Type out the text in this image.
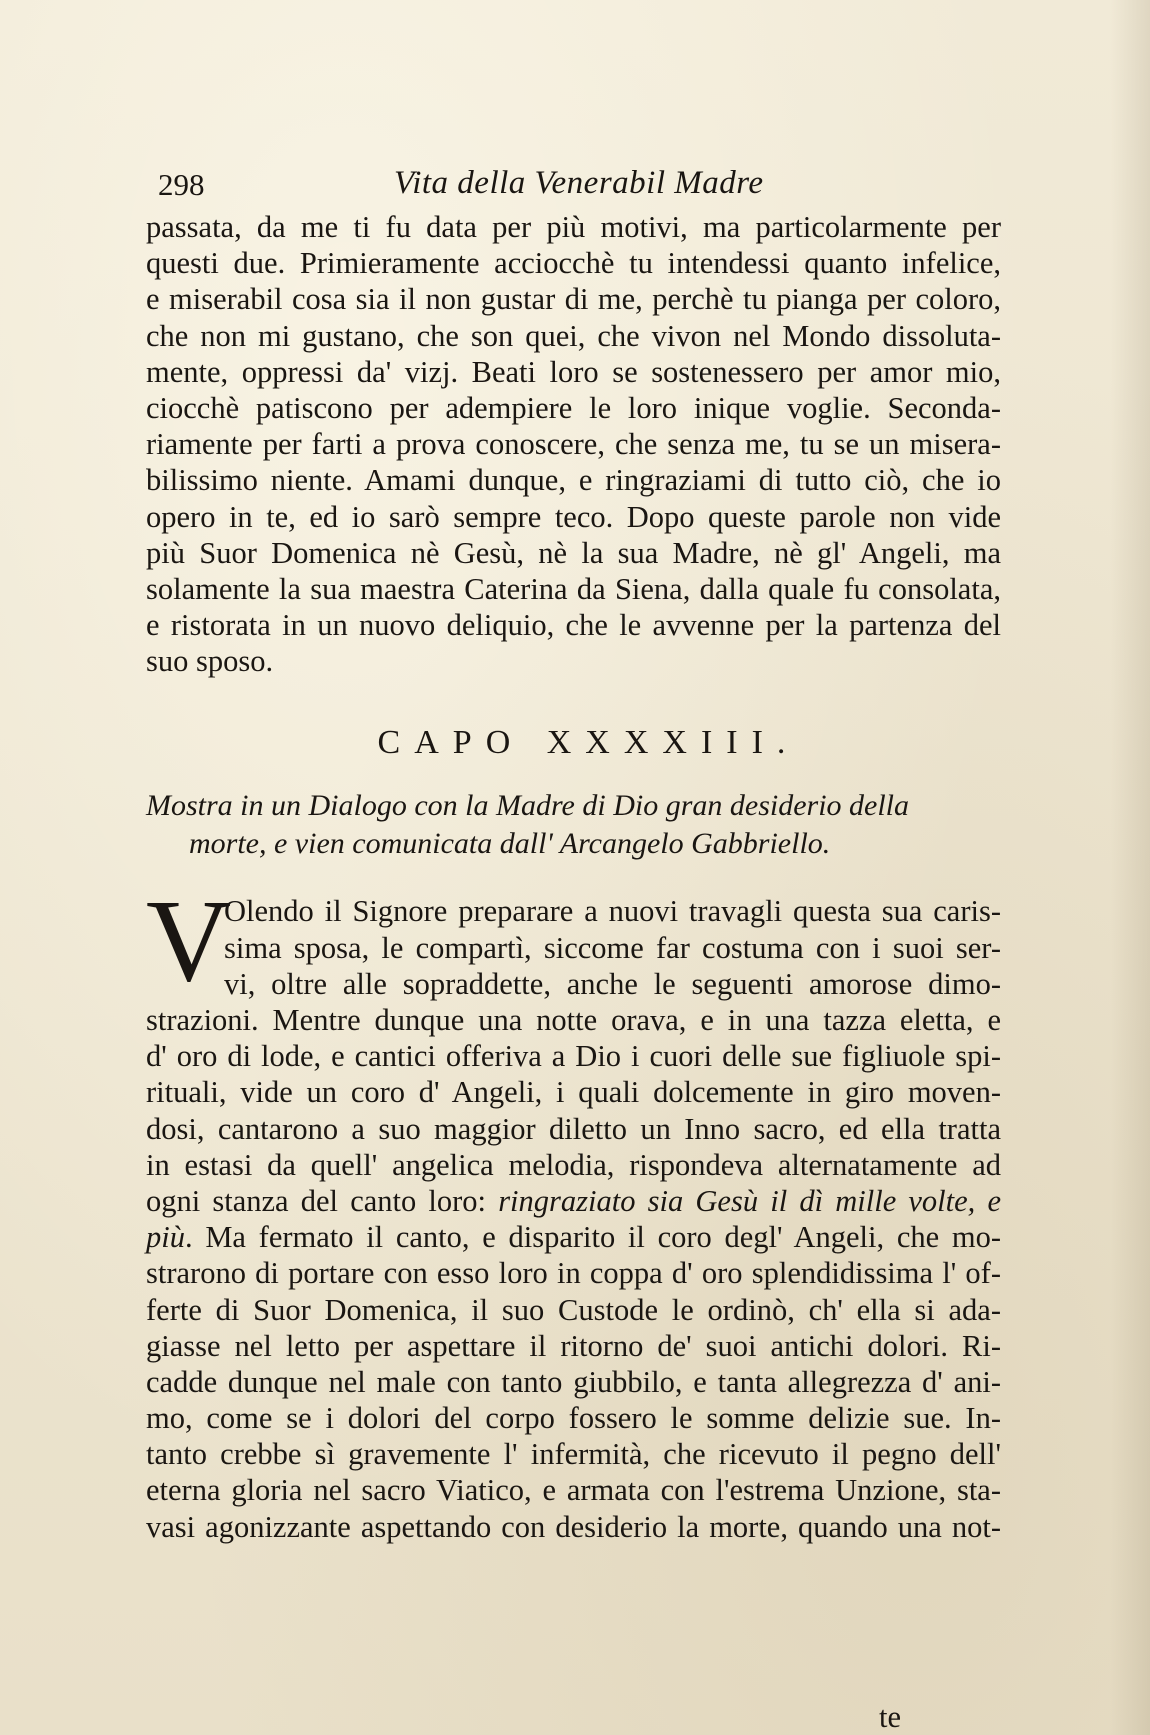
298	Vita della Venerabil Madre
passata, da me ti fu data per più motivi, ma particolarmente per
questi due. Primieramente acciocchè tu intendessi quanto infelice,
e miserabil cosa sia il non gustar di me, perchè tu pianga per coloro,
che non mi gustano, che son quei, che vivon nel Mondo dissoluta-
mente, oppressi da' vizj. Beati loro se sostenessero per amor mio,
ciocchè patiscono per adempiere le loro inique voglie. Seconda-
riamente per farti a prova conoscere, che senza me, tu se un misera-
bilissimo niente. Amami dunque, e ringraziami di tutto ciò, che io
opero in te, ed io sarò sempre teco. Dopo queste parole non vide
più Suor Domenica nè Gesù, nè la sua Madre, nè gl' Angeli, ma
solamente la sua maestra Caterina da Siena, dalla quale fu consolata,
e ristorata in un nuovo deliquio, che le avvenne per la partenza del
suo sposo.
CAPO XXXXIII.
Mostra in un Dialogo con la Madre di Dio gran desiderio della
morte, e vien comunicata dall' Arcangelo Gabbriello.
V
Olendo il Signore preparare a nuovi travagli questa sua caris-
sima sposa, le compartì, siccome far costuma con i suoi ser-
vi, oltre alle sopraddette, anche le seguenti amorose dimo-
strazioni. Mentre dunque una notte orava, e in una tazza eletta, e
d' oro di lode, e cantici offeriva a Dio i cuori delle sue figliuole spi-
rituali, vide un coro d' Angeli, i quali dolcemente in giro moven-
dosi, cantarono a suo maggior diletto un Inno sacro, ed ella tratta
in estasi da quell' angelica melodia, rispondeva alternatamente ad
ogni stanza del canto loro: ringraziato sia Gesù il dì mille volte, e
più. Ma fermato il canto, e disparito il coro degl' Angeli, che mo-
strarono di portare con esso loro in coppa d' oro splendidissima l' of-
ferte di Suor Domenica, il suo Custode le ordinò, ch' ella si ada-
giasse nel letto per aspettare il ritorno de' suoi antichi dolori. Ri-
cadde dunque nel male con tanto giubbilo, e tanta allegrezza d' ani-
mo, come se i dolori del corpo fossero le somme delizie sue. In-
tanto crebbe sì gravemente l' infermità, che ricevuto il pegno dell'
eterna gloria nel sacro Viatico, e armata con l'estrema Unzione, sta-
vasi agonizzante aspettando con desiderio la morte, quando una not-
te
